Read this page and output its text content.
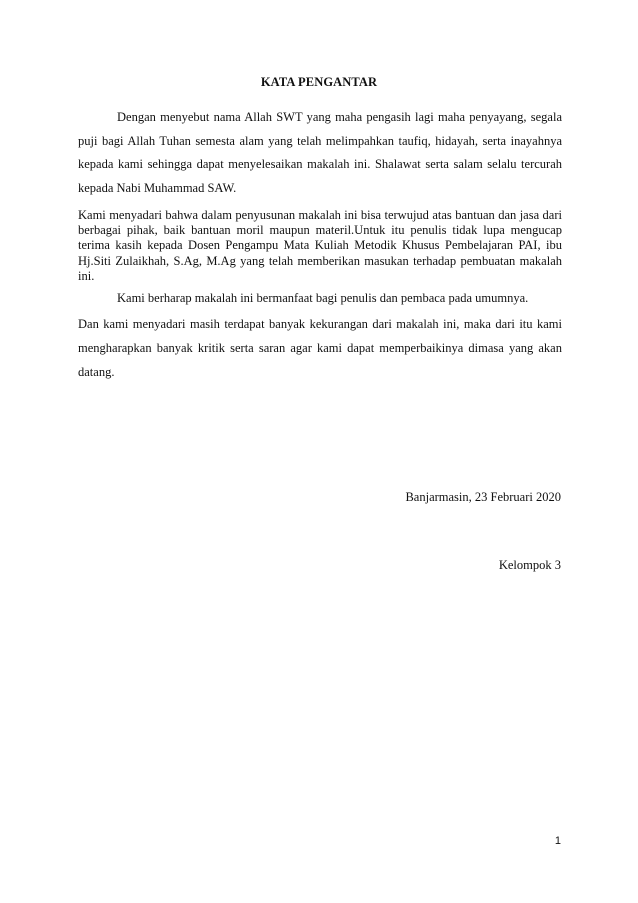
KATA PENGANTAR
Dengan menyebut nama Allah SWT yang maha pengasih lagi maha penyayang, segala puji bagi Allah Tuhan semesta alam yang telah melimpahkan taufiq, hidayah, serta inayahnya kepada kami sehingga dapat menyelesaikan makalah ini. Shalawat serta salam selalu tercurah kepada Nabi Muhammad SAW.
Kami menyadari bahwa dalam penyusunan makalah ini bisa terwujud atas bantuan dan jasa dari berbagai pihak, baik bantuan moril maupun materil.Untuk itu penulis tidak lupa mengucap terima kasih kepada Dosen Pengampu Mata Kuliah Metodik Khusus Pembelajaran PAI, ibu Hj.Siti Zulaikhah, S.Ag, M.Ag yang telah memberikan masukan terhadap pembuatan makalah ini.
Kami berharap makalah ini bermanfaat bagi penulis dan pembaca pada umumnya.
Dan kami menyadari masih terdapat banyak kekurangan dari makalah ini, maka dari itu kami mengharapkan banyak kritik serta saran agar kami dapat memperbaikinya dimasa yang akan datang.
Banjarmasin, 23 Februari 2020
Kelompok 3
1
